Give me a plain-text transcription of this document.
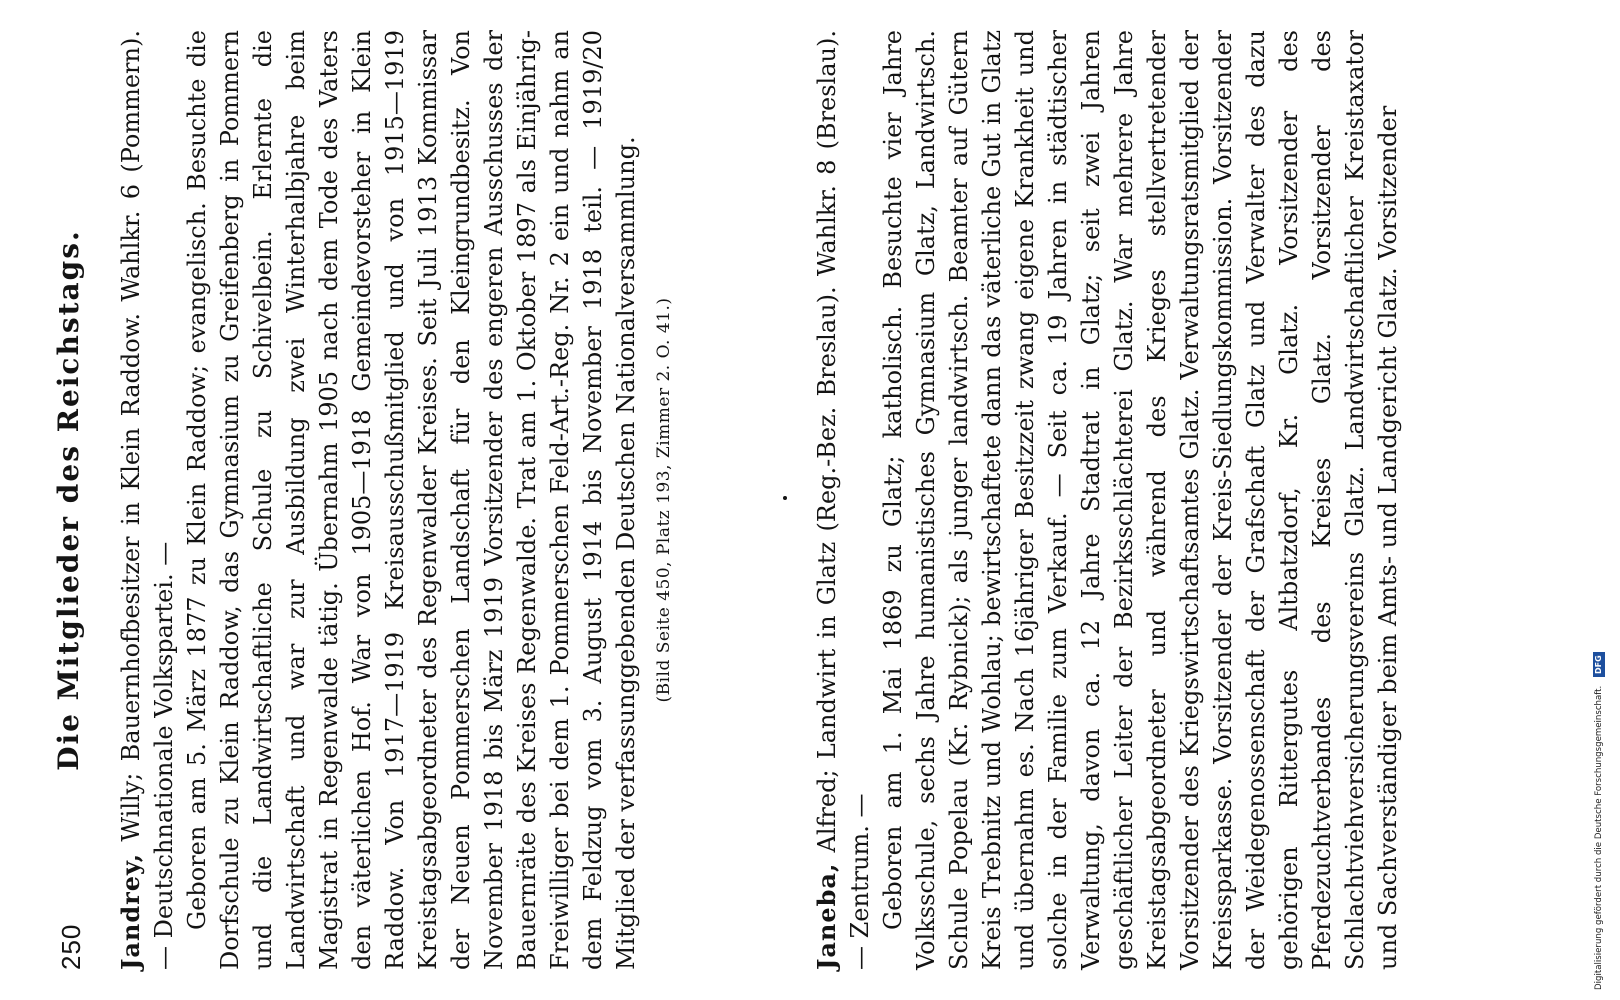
250
Die Mitglieder des Reichstags.

Jandrey, Willy; Bauernhofbesitzer in Klein Raddow. Wahlkr. 6 (Pommern). — Deutschnationale Volkspartei. — Geboren am 5. März 1877 zu Klein Raddow; evangelisch. Besuchte die Dorfschule zu Klein Raddow, das Gymnasium zu Greifenberg in Pommern und die Landwirtschaftliche Schule zu Schivelbein. Erlernte die Landwirtschaft und war zur Ausbildung zwei Winterhalbjahre beim Magistrat in Regenwalde tätig. Übernahm 1905 nach dem Tode des Vaters den väterlichen Hof. War von 1905—1918 Gemeindevorsteher in Klein Raddow. Von 1917—1919 Kreisausschußmitglied und von 1915—1919 Kreistagsabgeordneter des Regenwalder Kreises. Seit Juli 1913 Kommissar der Neuen Pommerschen Landschaft für den Kleingrundbesitz. Von November 1918 bis März 1919 Vorsitzender des engeren Ausschusses der Bauernräte des Kreises Regenwalde. Trat am 1. Oktober 1897 als Einjährig-Freiwilliger bei dem 1. Pommerschen Feld-Art.-Reg. Nr. 2 ein und nahm an dem Feldzug vom 3. August 1914 bis November 1918 teil. — 1919/20 Mitglied der verfassunggebenden Deutschen Nationalversammlung. (Bild Seite 450, Platz 193, Zimmer 2. O. 41.)

Janeba, Alfred; Landwirt in Glatz (Reg.-Bez. Breslau). Wahlkr. 8 (Breslau). — Zentrum. — Geboren am 1. Mai 1869 zu Glatz; katholisch. Besuchte vier Jahre Volksschule, sechs Jahre humanistisches Gymnasium Glatz, Landwirtsch. Schule Popelau (Kr. Rybnick); als junger landwirtsch. Beamter auf Gütern Kreis Trebnitz und Wohlau; bewirtschaftete dann das väterliche Gut in Glatz und übernahm es. Nach 16jähriger Besitzzeit zwang eigene Krankheit und solche in der Familie zum Verkauf. — Seit ca. 19 Jahren in städtischer Verwaltung, davon ca. 12 Jahre Stadtrat in Glatz; seit zwei Jahren geschäftlicher Leiter der Bezirksschlächterei Glatz. War mehrere Jahre Kreistagsabgeordneter und während des Krieges stellvertretender Vorsitzender des Kriegswirtschaftsamtes Glatz. Verwaltungsratsmitglied der Kreissparkasse. Vorsitzender der Kreis-Siedlungskommission. Vorsitzender der Weidegenossenschaft der Grafschaft Glatz und Verwalter des dazu gehörigen Rittergutes Altbatzdorf, Kr. Glatz. Vorsitzender des Pferdezuchtverbandes des Kreises Glatz. Vorsitzender des Schlachtviehversicherungsvereins Glatz. Landwirtschaftlicher Kreistaxator und Sachverständiger beim Amts- und Landgericht Glatz. Vorsitzender	Digitalisierung gefördert durch die Deutsche Forschungsgemeinschaft. DFG
